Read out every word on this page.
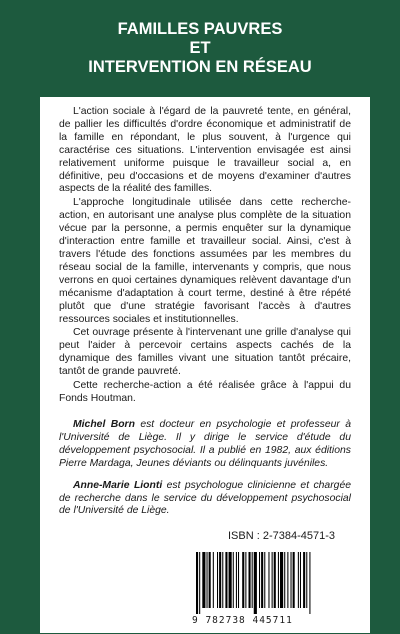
FAMILLES PAUVRES
ET
INTERVENTION EN RÉSEAU

L'action sociale à l'égard de la pauvreté tente, en général, de pallier les difficultés d'ordre économique et administratif de la famille en répondant, le plus souvent, à l'urgence qui caractérise ces situations. L'intervention envisagée est ainsi relativement uniforme puisque le travailleur social a, en définitive, peu d'occasions et de moyens d'examiner d'autres aspects de la réalité des familles.

L'approche longitudinale utilisée dans cette recherche-action, en autorisant une analyse plus complète de la situation vécue par la personne, a permis enquêter sur la dynamique d'interaction entre famille et travailleur social. Ainsi, c'est à travers l'étude des fonctions assumées par les membres du réseau social de la famille, intervenants y compris, que nous verrons en quoi certaines dynamiques relèvent davantage d'un mécanisme d'adaptation à court terme, destiné à être répété plutôt que d'une stratégie favorisant l'accès à d'autres ressources sociales et institutionnelles.

Cet ouvrage présente à l'intervenant une grille d'analyse qui peut l'aider à percevoir certains aspects cachés de la dynamique des familles vivant une situation tantôt précaire, tantôt de grande pauvreté.

Cette recherche-action a été réalisée grâce à l'appui du Fonds Houtman.

Michel Born est docteur en psychologie et professeur à l'Université de Liège. Il y dirige le service d'étude du développement psychosocial. Il a publié en 1982, aux éditions Pierre Mardaga, Jeunes déviants ou délinquants juvéniles.

Anne-Marie Lionti est psychologue clinicienne et chargée de recherche dans le service du développement psychosocial de l'Université de Liège.

ISBN : 2-7384-4571-3
9 782738 445711
